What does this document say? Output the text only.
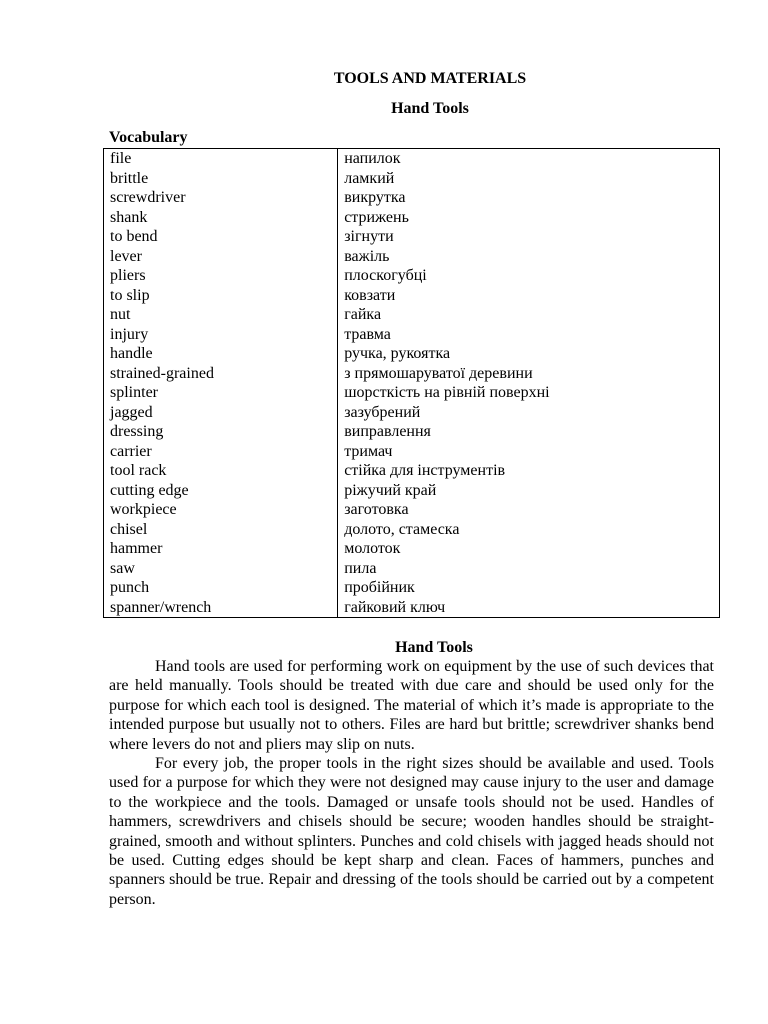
TOOLS AND MATERIALS
Hand Tools
Vocabulary
file	напилок
brittle	ламкий
screwdriver	викрутка
shank	стрижень
to bend	зігнути
lever	важіль
pliers	плоскогубці
to slip	ковзати
nut	гайка
injury	травма
handle	ручка, рукоятка
strained-grained	з прямошаруватої деревини
splinter	шорсткість на рівній поверхні
jagged	зазубрений
dressing	виправлення
carrier	тримач
tool rack	стійка для інструментів
cutting edge	ріжучий край
workpiece	заготовка
chisel	долото, стамеска
hammer	молоток
saw	пила
punch	пробійник
spanner/wrench	гайковий ключ
Hand Tools

Hand tools are used for performing work on equipment by the use of such devices that are held manually. Tools should be treated with due care and should be used only for the purpose for which each tool is designed. The material of which it’s made is appropriate to the intended purpose but usually not to others. Files are hard but brittle; screwdriver shanks bend where levers do not and pliers may slip on nuts.

For every job, the proper tools in the right sizes should be available and used. Tools used for a purpose for which they were not designed may cause injury to the user and damage to the workpiece and the tools. Damaged or unsafe tools should not be used. Handles of hammers, screwdrivers and chisels should be secure; wooden handles should be straight-grained, smooth and without splinters. Punches and cold chisels with jagged heads should not be used. Cutting edges should be kept sharp and clean. Faces of hammers, punches and spanners should be true. Repair and dressing of the tools should be carried out by a competent person.
